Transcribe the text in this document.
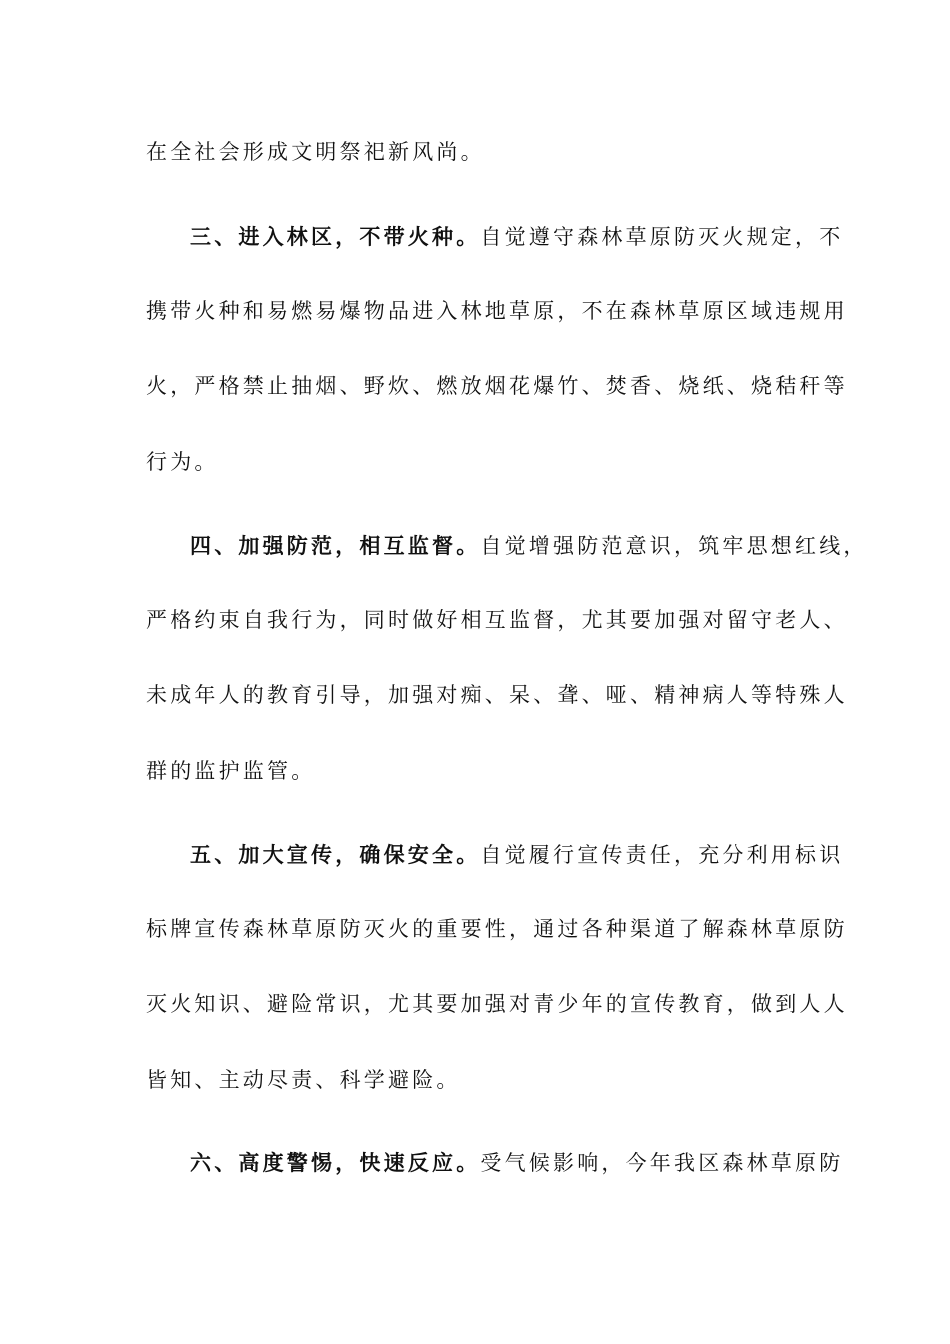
在全社会形成文明祭祀新风尚。
三、进入林区，不带火种。自觉遵守森林草原防灭火规定，不
携带火种和易燃易爆物品进入林地草原，不在森林草原区域违规用
火，严格禁止抽烟、野炊、燃放烟花爆竹、焚香、烧纸、烧秸秆等
行为。
四、加强防范，相互监督。自觉增强防范意识，筑牢思想红线，
严格约束自我行为，同时做好相互监督，尤其要加强对留守老人、
未成年人的教育引导，加强对痴、呆、聋、哑、精神病人等特殊人
群的监护监管。
五、加大宣传，确保安全。自觉履行宣传责任，充分利用标识
标牌宣传森林草原防灭火的重要性，通过各种渠道了解森林草原防
灭火知识、避险常识，尤其要加强对青少年的宣传教育，做到人人
皆知、主动尽责、科学避险。
六、高度警惕，快速反应。受气候影响，今年我区森林草原防
